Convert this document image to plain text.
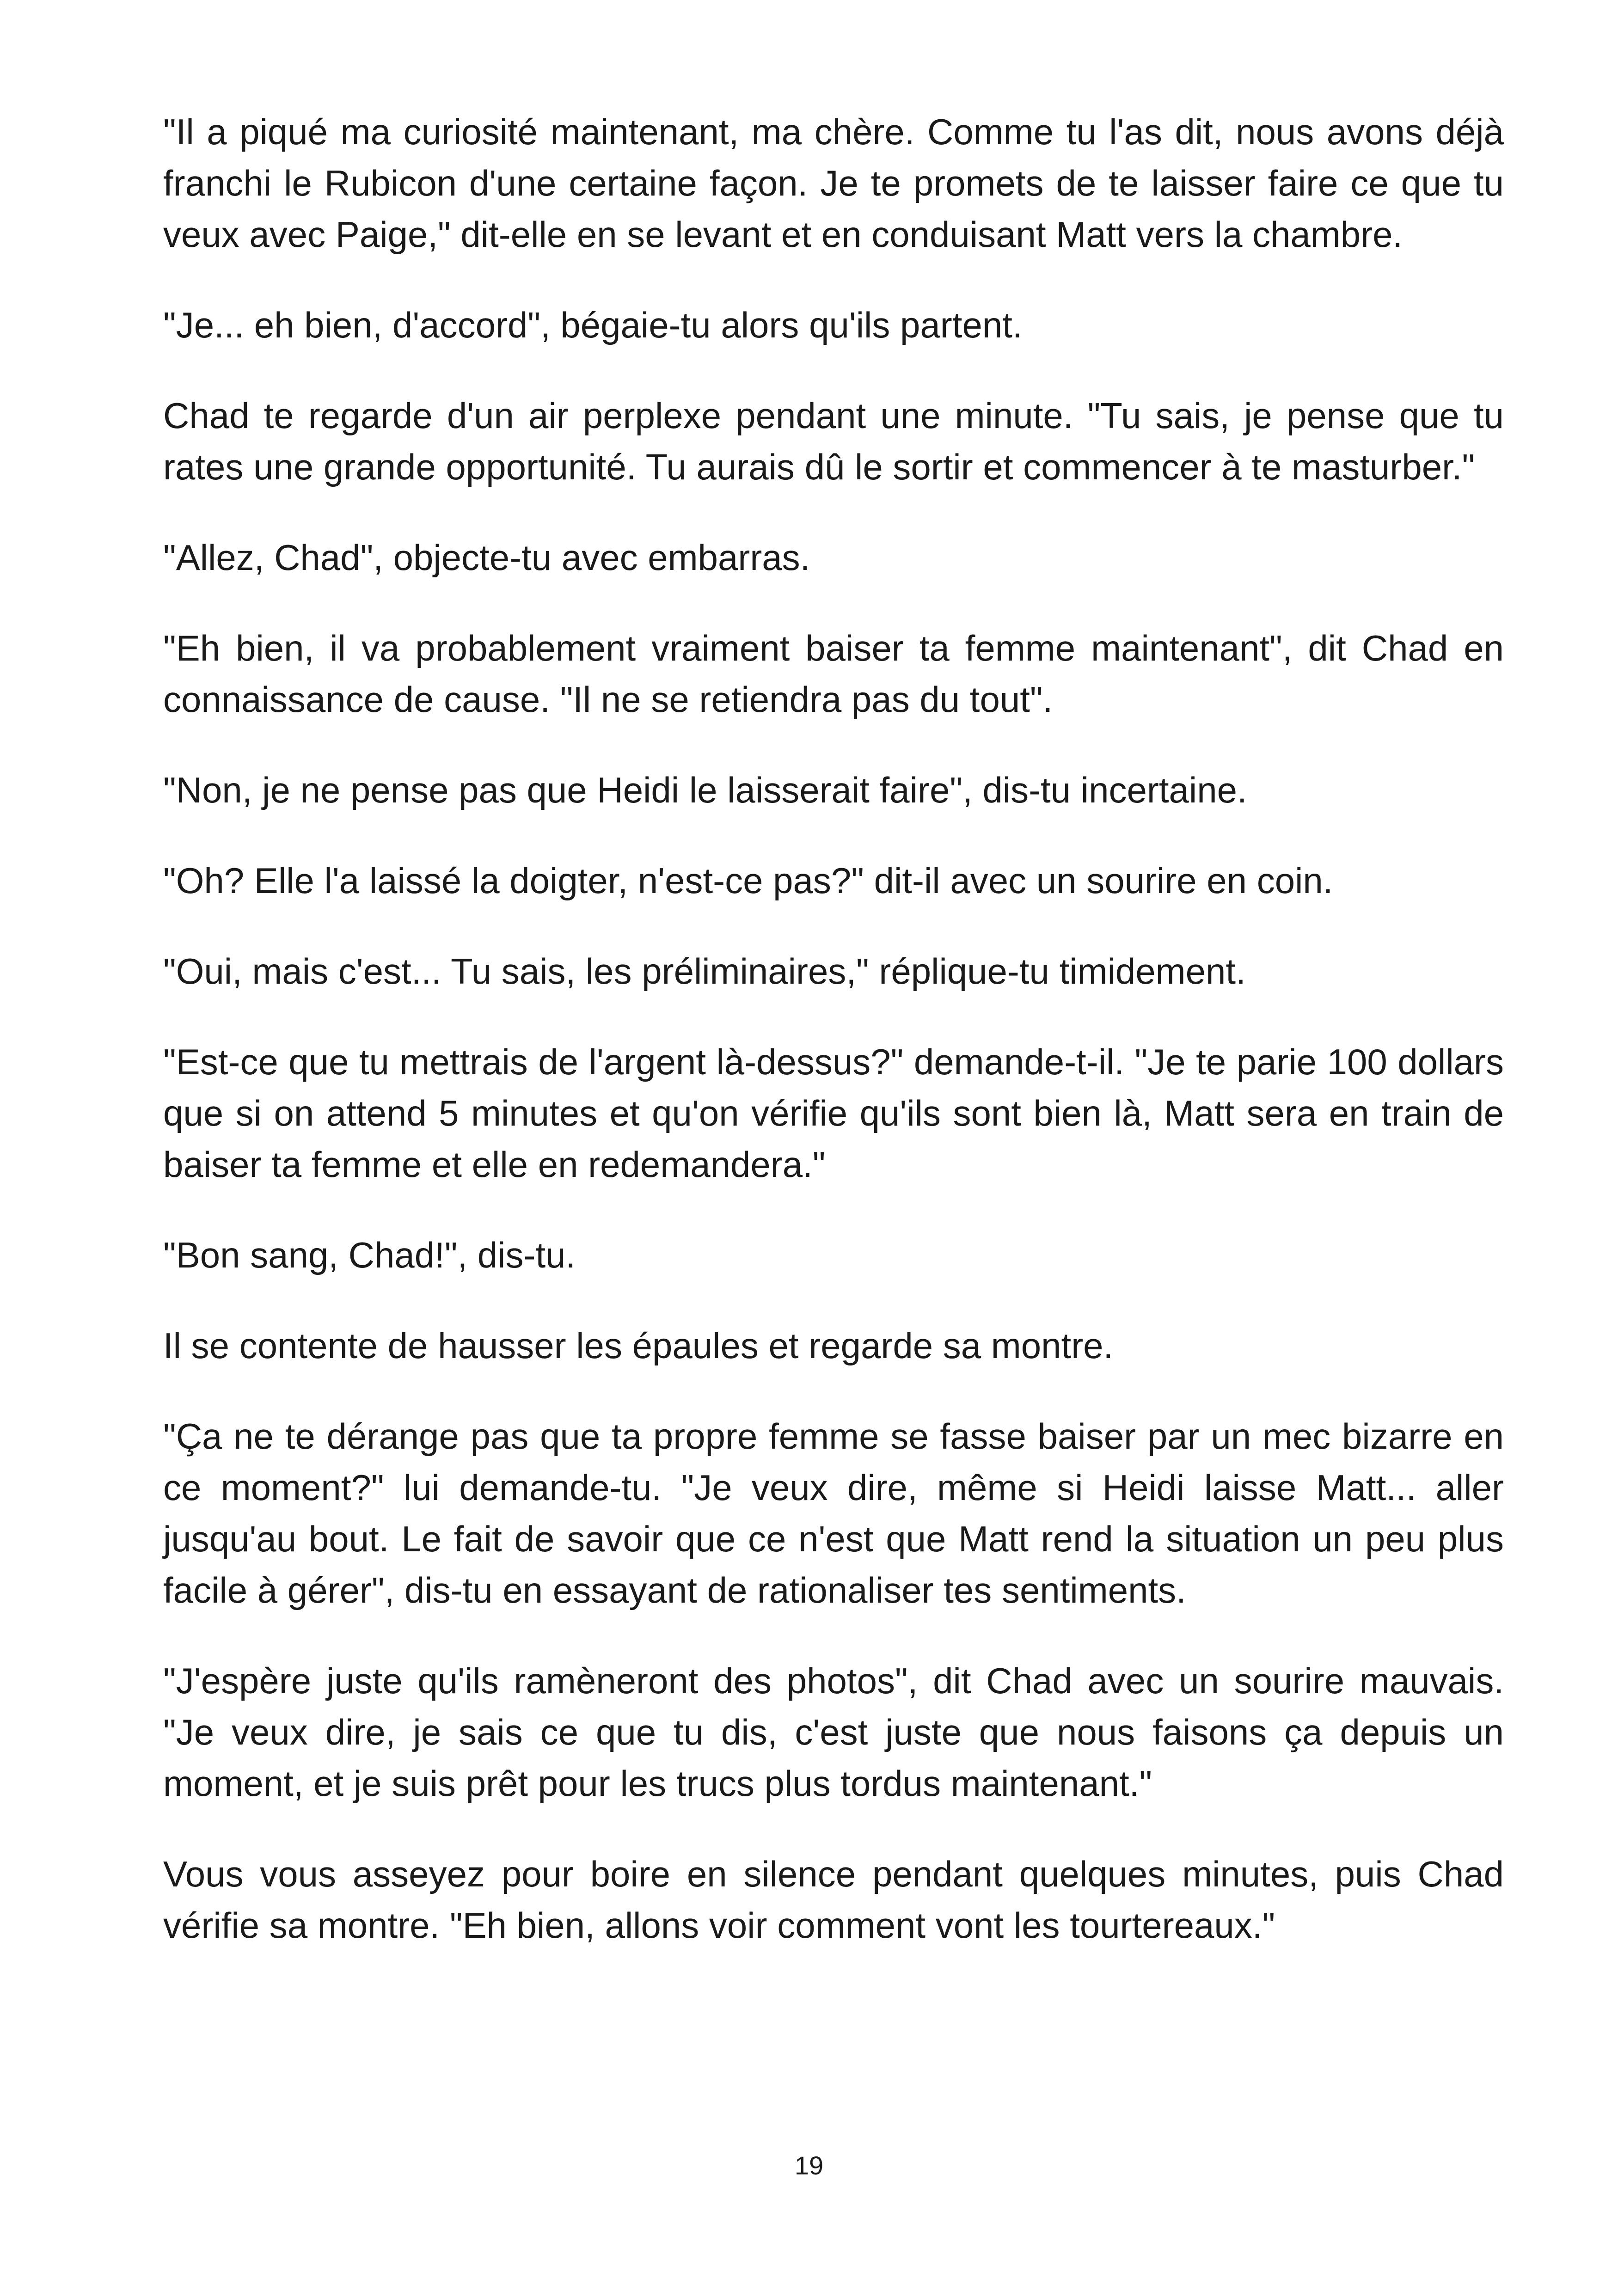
"Il a piqué ma curiosité maintenant, ma chère. Comme tu l'as dit, nous avons déjà franchi le Rubicon d'une certaine façon. Je te promets de te laisser faire ce que tu veux avec Paige," dit-elle en se levant et en conduisant Matt vers la chambre.

"Je... eh bien, d'accord", bégaie-tu alors qu'ils partent.

Chad te regarde d'un air perplexe pendant une minute. "Tu sais, je pense que tu rates une grande opportunité. Tu aurais dû le sortir et commencer à te masturber."

"Allez, Chad", objecte-tu avec embarras.

"Eh bien, il va probablement vraiment baiser ta femme maintenant", dit Chad en connaissance de cause. "Il ne se retiendra pas du tout".

"Non, je ne pense pas que Heidi le laisserait faire", dis-tu incertaine.

"Oh? Elle l'a laissé la doigter, n'est-ce pas?" dit-il avec un sourire en coin.

"Oui, mais c'est... Tu sais, les préliminaires," réplique-tu timidement.

"Est-ce que tu mettrais de l'argent là-dessus?" demande-t-il. "Je te parie 100 dollars que si on attend 5 minutes et qu'on vérifie qu'ils sont bien là, Matt sera en train de baiser ta femme et elle en redemandera."

"Bon sang, Chad!", dis-tu.

Il se contente de hausser les épaules et regarde sa montre.

"Ça ne te dérange pas que ta propre femme se fasse baiser par un mec bizarre en ce moment?" lui demande-tu. "Je veux dire, même si Heidi laisse Matt... aller jusqu'au bout. Le fait de savoir que ce n'est que Matt rend la situation un peu plus facile à gérer", dis-tu en essayant de rationaliser tes sentiments.

"J'espère juste qu'ils ramèneront des photos", dit Chad avec un sourire mauvais. "Je veux dire, je sais ce que tu dis, c'est juste que nous faisons ça depuis un moment, et je suis prêt pour les trucs plus tordus maintenant."

Vous vous asseyez pour boire en silence pendant quelques minutes, puis Chad vérifie sa montre. "Eh bien, allons voir comment vont les tourtereaux."

19
